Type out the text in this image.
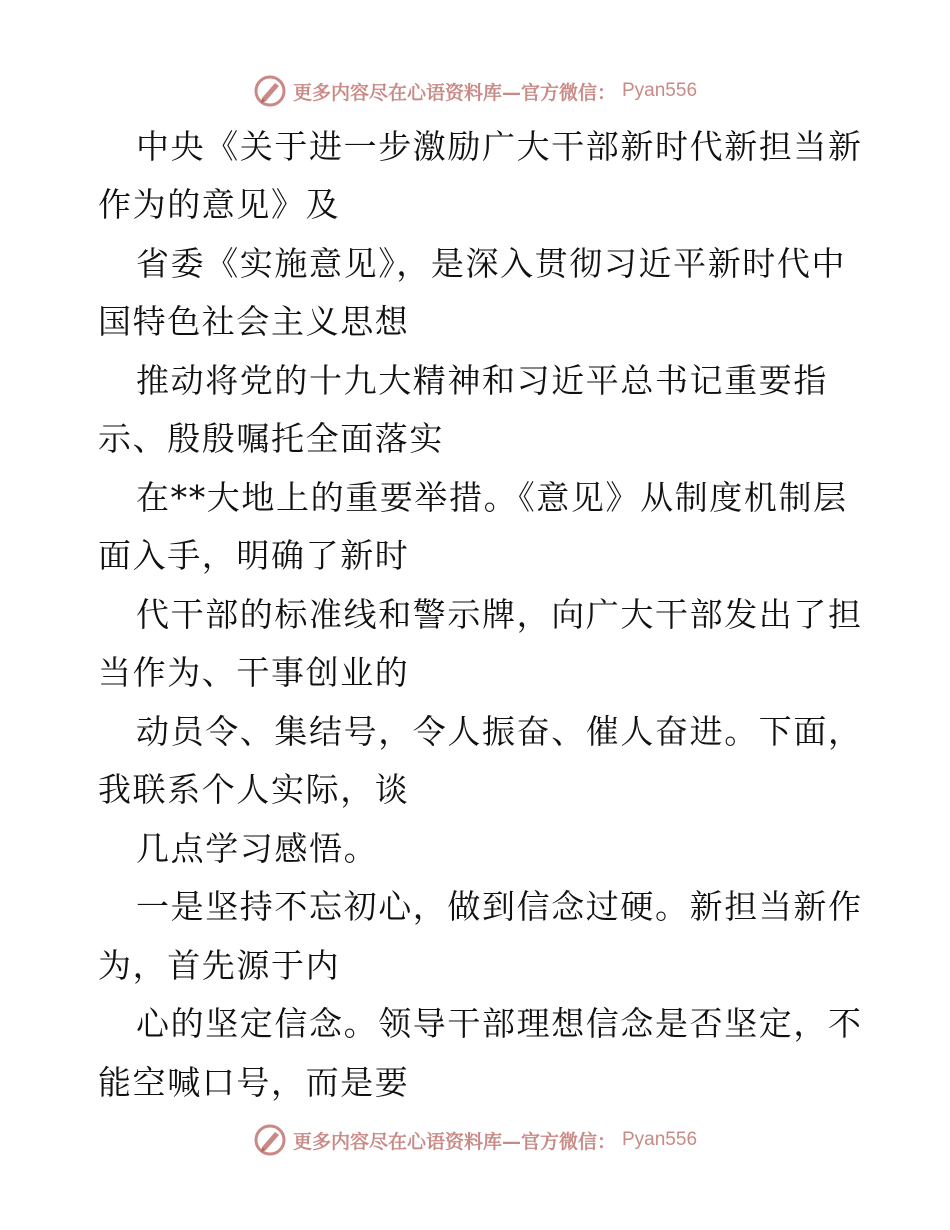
更多内容尽在心语资料库—官方微信： Pyan556
中央《关于进一步激励广大干部新时代新担当新
作为的意见》及
省委《实施意见》，是深入贯彻习近平新时代中
国特色社会主义思想
推动将党的十九大精神和习近平总书记重要指
示、殷殷嘱托全面落实
在**大地上的重要举措。《意见》从制度机制层
面入手，明确了新时
代干部的标准线和警示牌，向广大干部发出了担
当作为、干事创业的
动员令、集结号，令人振奋、催人奋进。下面，
我联系个人实际，谈
几点学习感悟。
一是坚持不忘初心，做到信念过硬。新担当新作
为，首先源于内
心的坚定信念。领导干部理想信念是否坚定，不
能空喊口号，而是要
更多内容尽在心语资料库—官方微信： Pyan556
